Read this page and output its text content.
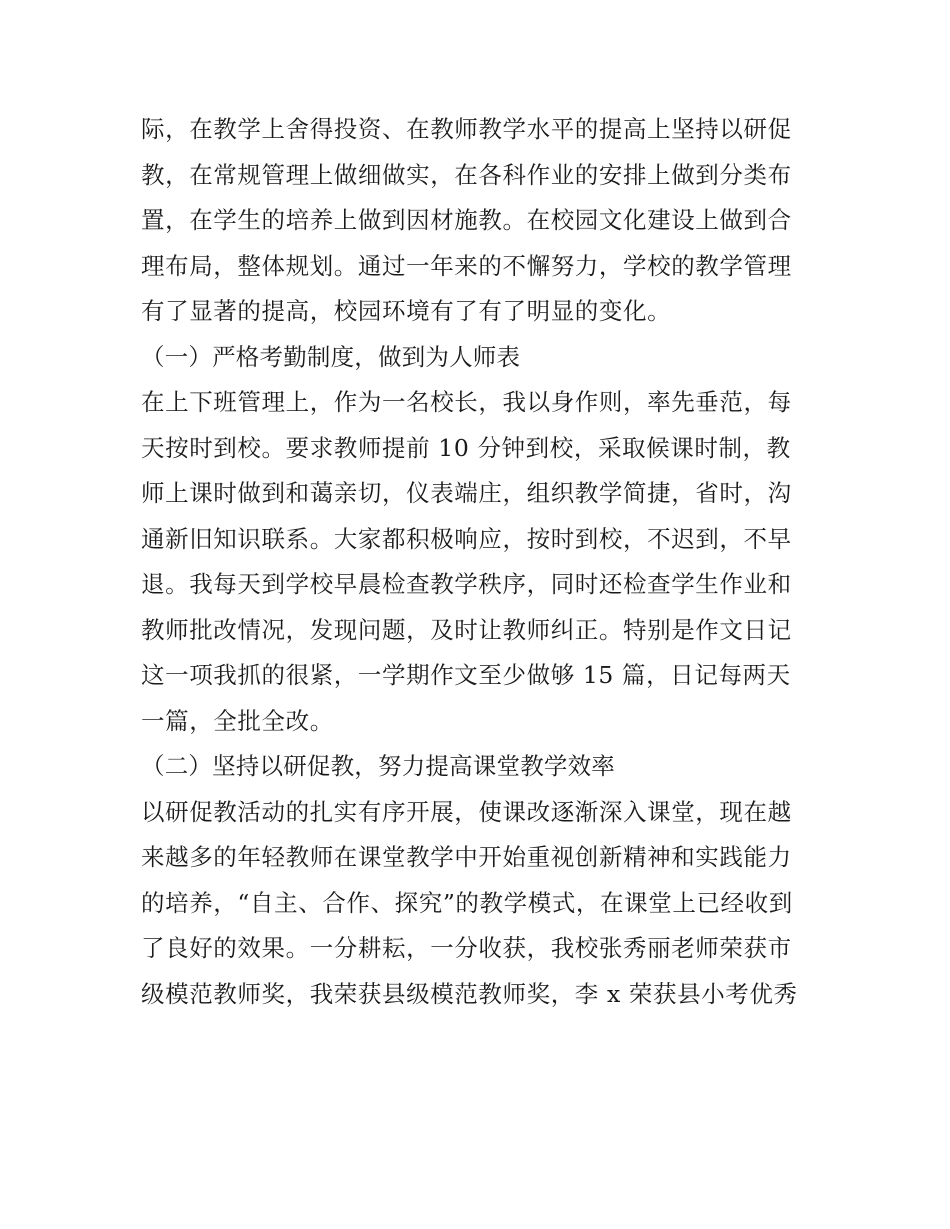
际，在教学上舍得投资、在教师教学水平的提高上坚持以研促
教，在常规管理上做细做实，在各科作业的安排上做到分类布
置，在学生的培养上做到因材施教。在校园文化建设上做到合
理布局，整体规划。通过一年来的不懈努力，学校的教学管理
有了显著的提高，校园环境有了有了明显的变化。
（一）严格考勤制度，做到为人师表
在上下班管理上，作为一名校长，我以身作则，率先垂范，每
天按时到校。要求教师提前 10 分钟到校，采取候课时制，教
师上课时做到和蔼亲切，仪表端庄，组织教学简捷，省时，沟
通新旧知识联系。大家都积极响应，按时到校，不迟到，不早
退。我每天到学校早晨检查教学秩序，同时还检查学生作业和
教师批改情况，发现问题，及时让教师纠正。特别是作文日记
这一项我抓的很紧，一学期作文至少做够 15 篇，日记每两天
一篇，全批全改。
（二）坚持以研促教，努力提高课堂教学效率
以研促教活动的扎实有序开展，使课改逐渐深入课堂，现在越
来越多的年轻教师在课堂教学中开始重视创新精神和实践能力
的培养，“自主、合作、探究”的教学模式，在课堂上已经收到
了良好的效果。一分耕耘，一分收获，我校张秀丽老师荣获市
级模范教师奖，我荣获县级模范教师奖，李 x 荣获县小考优秀
